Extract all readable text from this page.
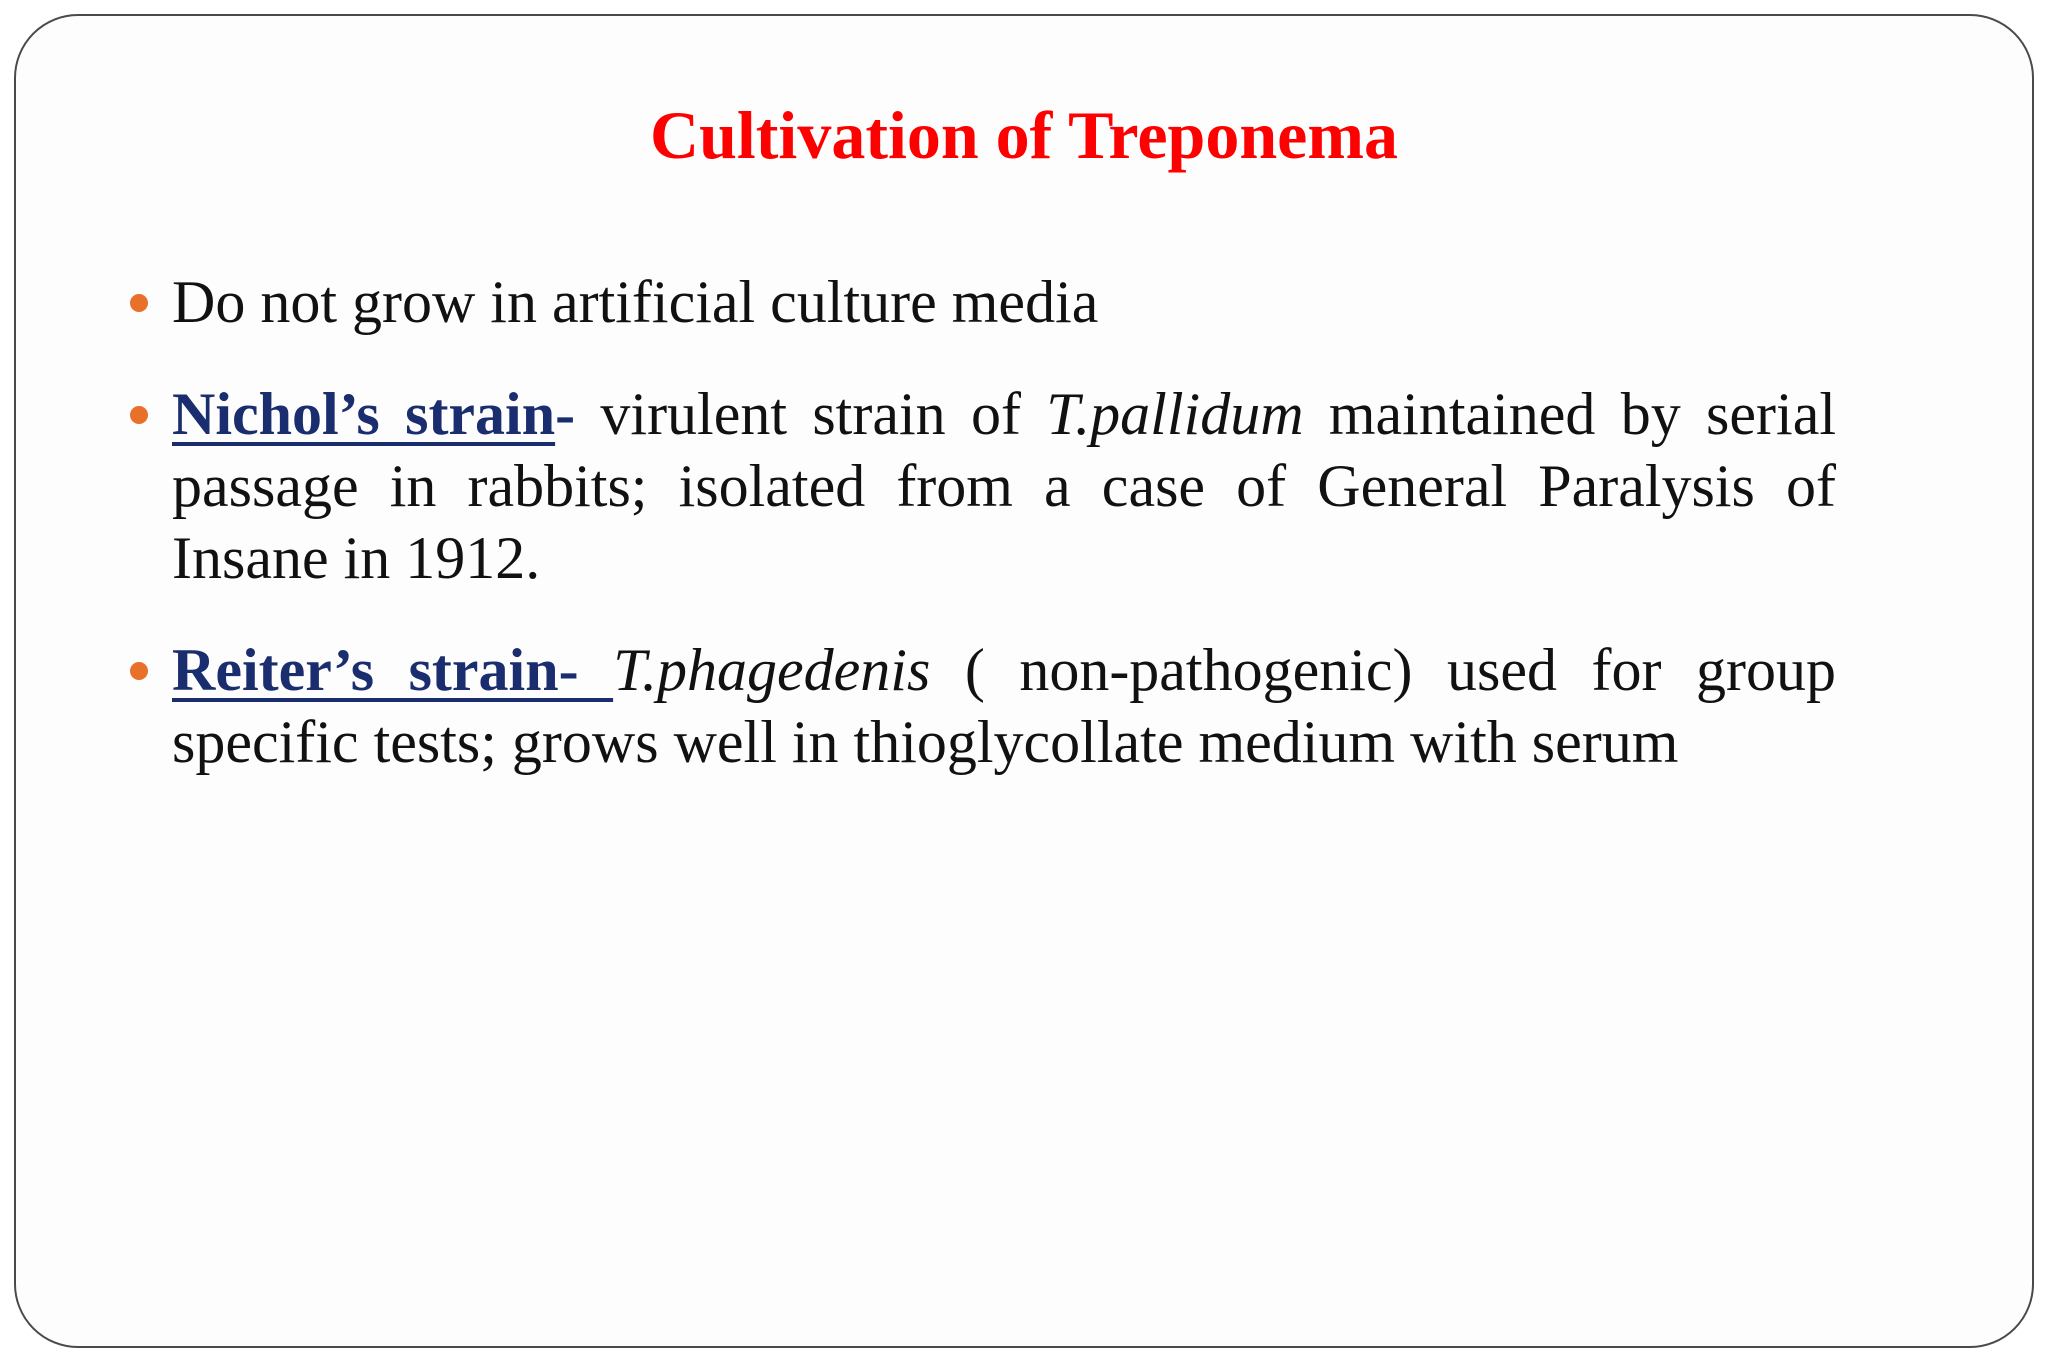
Cultivation of Treponema
Do not grow in artificial culture media
Nichol’s strain- virulent strain of T.pallidum maintained by serial passage in rabbits; isolated from a case of General Paralysis of Insane in 1912.
Reiter’s strain- T.phagedenis ( non-pathogenic) used for group specific tests; grows well in thioglycollate medium with serum
